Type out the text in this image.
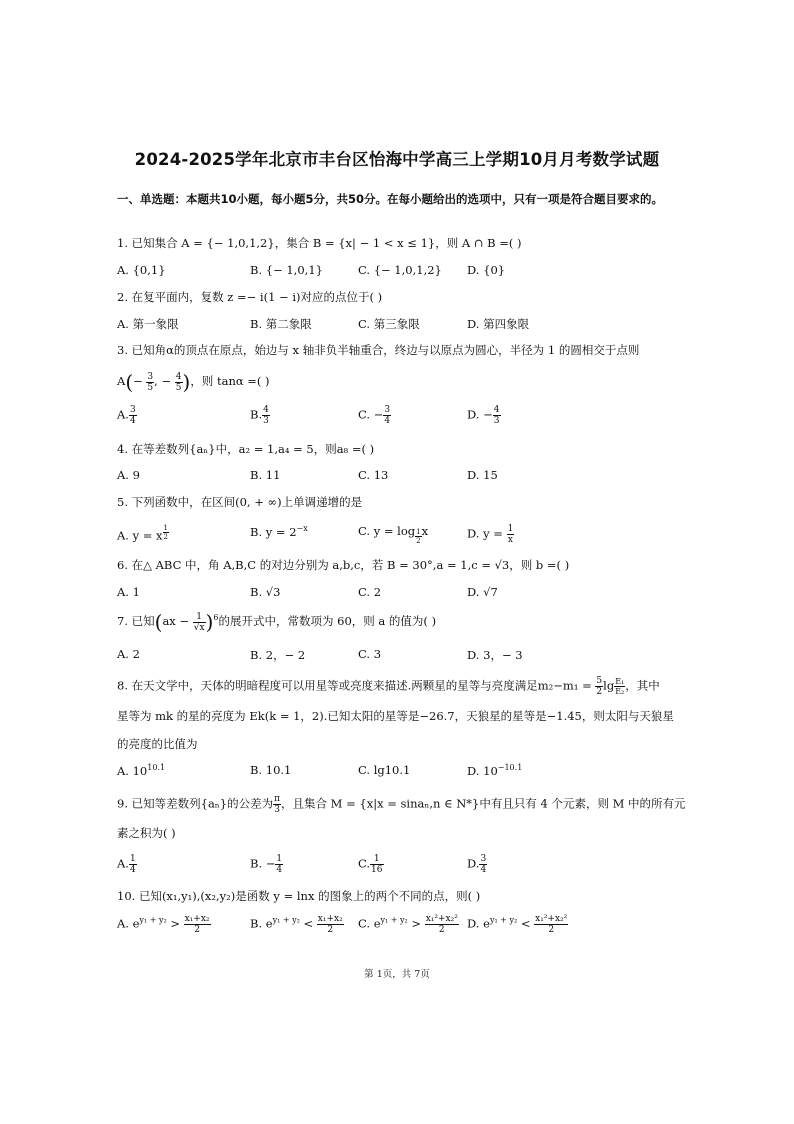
2024-2025学年北京市丰台区怡海中学高三上学期10月月考数学试题
一、单选题：本题共10小题，每小题5分，共50分。在每小题给出的选项中，只有一项是符合题目要求的。
1. 已知集合 A = {− 1,0,1,2}，集合 B = {x| − 1 < x ≤ 1}，则 A ∩ B =( )
A. {0,1}	B. {− 1,0,1}	C. {− 1,0,1,2} D. {0}
2. 在复平面内，复数 z =− i(1 − i)对应的点位于( )
A. 第一象限	B. 第二象限	C. 第三象限	D. 第四象限
3. 已知角α的顶点在原点，始边与 x 轴非负半轴重合，终边与以原点为圆心，半径为 1 的圆相交于点则
$A(- \frac{3}{5}$ , − $\frac{4}{5}$ )，则 tanα =( )
A. $\frac{3}{4}$	B. $\frac{4}{3}$	C. − $\frac{3}{4}$	D. − $\frac{4}{3}$
4. 在等差数列{aₙ}中，a₂ = 1,a₄ = 5，则a₈ =( )
A. 9	B. 11	C. 13	D. 15
5. 下列函数中，在区间(0, + ∞)上单调递增的是
A. y = x $^{\frac{1}{2}}$	B. $y = 2^{-x}$	C. y = log $_{\frac{1}{2}}$ x	D. $y = \frac{1}{x}$
6. 在△ ABC 中，角 A,B,C 的对边分别为 a,b,c，若 B = 30°,a = 1,c = √3，则 b =( )
A. 1	B. √3	C. 2	D. √7
7. 已知$(ax - \frac{1}{√x} )^6$的展开式中，常数项为 60，则 a 的值为( )
A. 2	B. 2，− 2	C. 3	D. 3，− 3
8. 在天文学中，天体的明暗程度可以用星等或亮度来描述.两颗星的星等与亮度满足$m_2-m_1 = \frac{5}{2}$ $\lg \frac{\text{E₁}}{\text{E₂}}$ ，其中
星等为 mk 的星的亮度为 Ek(k = 1，2).已知太阳的星等是−26.7，天狼星的星等是−1.45，则太阳与天狼星
的亮度的比值为
A. $10^{10.1}$	B. 10.1	C. lg10.1	D. $10^{-10.1}$
9. 已知等差数列{aₙ}的公差为 $\frac{\pi}{3}$ ，且集合 M = {x|x = sinaₙ,n ∈ N*}中有且只有 4 个元素，则 M 中的所有元
素之积为( )
A. $\frac{1}{4}$	B. − $\frac{1}{4}$	C. $\frac{1}{16}$	D. $\frac{3}{4}$
10. 已知(x₁,y₁),(x₂,y₂)是函数 y = lnx 的图象上的两个不同的点，则( )
A. $e^{y_1 + y_2} > \frac{\text{x₁+x₂}}{2}$	B. $e^{y_1 + y_2} < \frac{\text{x₁+x₂}}{2} C$. $e^{y_1 + y_2} > \frac{\text{x₁²+x₂²}}{2} D$. $e^{y_1 + y_2} < \frac{\text{x₁²+x₂²}}{2}$
第 1页，共 7页
